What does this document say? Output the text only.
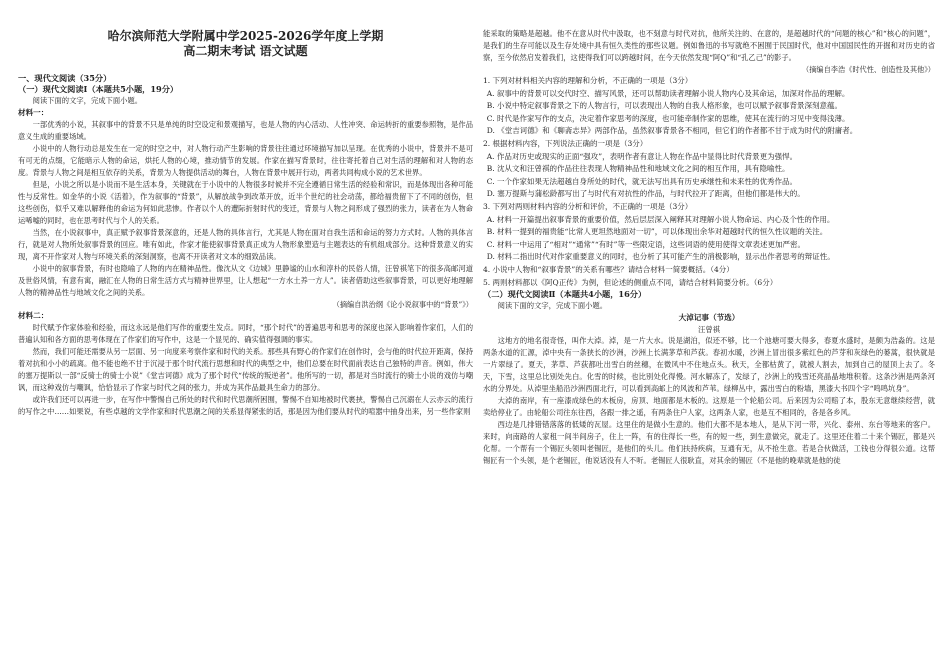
哈尔滨师范大学附属中学2025-2026学年度上学期
高二期末考试 语文试题
一、现代文阅读（35分）
（一）现代文阅读Ⅰ（本题共5小题，19分）

阅读下面的文字，完成下面小题。

材料一：

一部优秀的小说，其叙事中的背景不只是单纯的时空设定和景观描写，也是人物的内心活动、人性冲突、命运转折的重要参照物，是作品意义生成的重要场域。

小说中的人物行动总是发生在一定的时空之中，对人物行动产生影响的背景往往通过环境描写加以呈现。在优秀的小说中，背景并不是可有可无的点缀，它能暗示人物的命运，烘托人物的心境，推动情节的发展。作家在描写背景时，往往寄托着自己对生活的理解和对人物的态度。背景与人物之间是相互依存的关系，背景为人物提供活动的舞台，人物在背景中展开行动，两者共同构成小说的艺术世界。

但是，小说之所以是小说而不是生活本身，关键就在于小说中的人物很多时候并不完全遵循日常生活的经验和常识，而是体现出各种可能性与反常性。如金华的小说《活着》，作为叙事的“背景”，从解放战争到改革开放，近半个世纪的社会动荡，都给福贵留下了不同的创伤，但这些创伤，似乎又难以解释他的命运为何如此悲惨。作者以个人的遭际折射时代的变迁，背景与人物之间形成了强烈的张力，读者在为人物命运唏嘘的同时，也在思考时代与个人的关系。

当然，在小说叙事中，真正赋予叙事背景深意的，还是人物的具体言行，尤其是人物在面对自我生活和命运的努力方式时。人物的具体言行，就是对人物所处叙事背景的回应。唯有如此，作家才能使叙事背景真正成为人物形象塑造与主题表达的有机组成部分。这种背景意义的实现，离不开作家对人物与环境关系的深刻洞察，也离不开读者对文本的细致品读。

小说中的叙事背景，有时也隐喻了人物的内在精神品性。像沈从文《边城》里静谧的山水和淳朴的民俗人情，汪曾祺笔下的很多高邮河道及世俗风情，有意有寓，融汇在人物的日常生活方式与精神世界里，让人想起“一方水土养一方人”。读者借助这些叙事背景，可以更好地理解人物的精神品性与地域文化之间的关系。

（摘编自洪治纲《论小说叙事中的“背景”》）
材料二：

时代赋予作家体验和经验，而这永远是他们写作的重要生发点。同时，“那个时代”的普遍思考和思考的深度也深入影响着作家们，人们的普遍认知和各方面的思考体现在了作家们的写作中，这是一个显见的、确实值得强调的事实。

然而，我们可能还需要从另一层面、另一向度来考察作家和时代的关系。那些具有野心的作家们在创作时，会与他的时代拉开距离，保持着对抗和小小的疏离。他不能也绝不甘于沉浸于那个时代流行思想和时代的典型之中，他们总要在时代面前表达自己独特的声音。例如，伟大的塞万提斯以一部“反骑士的骑士小说”《堂吉诃德》成为了那个时代“传统的叛逆者”。他所写的一切，都是对当时流行的骑士小说的戏仿与嘲讽，而这种戏仿与嘲讽，恰恰显示了作家与时代之间的张力，并成为其作品最具生命力的部分。

或许我们还可以再进一步，在写作中警惕自己所处的时代和时代思潮所困囿，警惕不自知地被时代裹挟，警惕自己沉溺在人云亦云的流行的写作之中……如果说，有些卓越的文学作家和时代思潮之间的关系显得紧张的话，那是因为他们要从时代的喧嚣中抽身出来，另一些作家则

能采取的策略是超越。他不在意从时代中汲取，也不刻意与时代对抗，他所关注的、在意的，是超越时代的“问题的核心”和“核心的问题”，是我们的生存可能以及生存处境中具有恒久类性的那些议题。例如鲁迅的书写就绝不困囿于民国时代，他对中国国民性的开掘和对历史的省察，至今依然启发着我们，这使得我们可以跨越时间，在今天依然发现“阿Q”和“孔乙己”的影子。

（摘编自李浩《时代性、创造性及其他》）

1. 下列对材料相关内容的理解和分析，不正确的一项是（3分）

A. 叙事中的背景可以交代时空、描写风景，还可以帮助读者理解小说人物内心及其命运，加深对作品的理解。

B. 小说中特定叙事背景之下的人物言行，可以表现出人物的自我人格形象，也可以赋予叙事背景深刻意蕴。

C. 时代是作家写作的支点，决定着作家思考的深度，也可能牵制作家的思维，使其在流行的习见中变得浅薄。

D. 《堂吉诃德》和《聊斋志异》两部作品，虽然叙事背景各不相同，但它们的作者都不甘于成为时代的附庸者。

2. 根据材料内容，下列说法正确的一项是（3分）

A. 作品对历史或现实的正面“强攻”，表明作者有意让人物在作品中显得比时代背景更为强悍。

B. 沈从文和汪曾祺的作品往往表现人物精神品性和地域文化之间的相互作用，具有隐喻性。

C. 一个作家如果无法超越自身所处的时代，就无法写出具有历史承继性和未来性的优秀作品。

D. 塞万提斯与蒲松龄都写出了与时代有对抗性的作品，与时代拉开了距离，但他们都是伟大的。

3. 下列对两则材料内容的分析和评价，不正确的一项是（3分）

A. 材料一开篇提出叙事背景的重要价值，然后层层深入阐释其对理解小说人物命运、内心及个性的作用。

B. 材料一提到的福贵能“比常人更坦然地面对一切”，可以体现出余华对超越时代的恒久性议题的关注。

C. 材料一中运用了“相对”“通常”“有时”等一些限定语，这些词语的使用使得文章表述更加严密。

D. 材料二指出时代对作家重要意义的同时，也分析了其可能产生的消极影响，显示出作者思考的辩证性。

4. 小说中人物和“叙事背景”的关系有哪些？请结合材料一简要概括。（4分）

5. 两则材料都以《阿Q正传》为例，但论述的侧重点不同，请结合材料简要分析。（6分）

（二）现代文阅读Ⅱ（本题共4小题，16分）

阅读下面的文字，完成下面小题。

大淖记事（节选）
汪曾祺

这地方的地名很奇怪，叫作大淖。淖，是一片大水。说是湖泊，似还不够，比一个池塘可要大得多，春夏水盛时，是颇为浩淼的。这是两条水道的汇源，淖中央有一条狭长的沙洲，沙洲上长满茅草和芦荻。春初水暖，沙洲上冒出很多紫红色的芦芽和灰绿色的蒌蒿，很快就是一片翠绿了。夏天，茅草、芦荻都吐出雪白的丝穗，在微风中不住地点头。秋天，全都枯黄了，就被人割去，加到自己的屋顶上去了。冬天，下雪，这里总比别处先白。化雪的时候，也比别处化得慢。河水解冻了，发绿了，沙洲上的残雪还亮晶晶地堆积着。这条沙洲是两条河水的分界处。从淖里坐船沿沙洲西面北行，可以看到高邮上的风波和芦苇。绿柳丛中，露出雪白的粉墙，黑漆大书四个字“鸣鸣坑身”。

大淖的南岸，有一座漆成绿色的木板房，房顶、地面都是木板的。这原是一个轮船公司。后来因为公司赔了本，股东无意继续经营，就卖给停业了。由轮船公司往东往西，各跟一排之遥，有两条住户人家，这两条人家，也是互不相同的，各是各乡风。

西边是几排错错落落的低矮的瓦屋。这里住的是做小生意的。他们大都不是本地人，是从下河一带，兴化、泰州、东台等地来的客户。来时，向南路的人家租一间半间房子，住上一阵，有的住得长一些，有的短一些，到生意做完，就走了。这里还住着二十来个锡匠，都是兴化帮。一个帮有一个锡匠头领叫老锡匠，是他们的头儿。他们扶持疾病，互通有无，从不抢生意。若是合伙做活，工钱也分得很公道。这帮锡匠有一个头领，是个老锡匠，他说话没有人不听。老锡匠人很耿直，对其余的锡匠（不是他的晚辈就是他的徒
